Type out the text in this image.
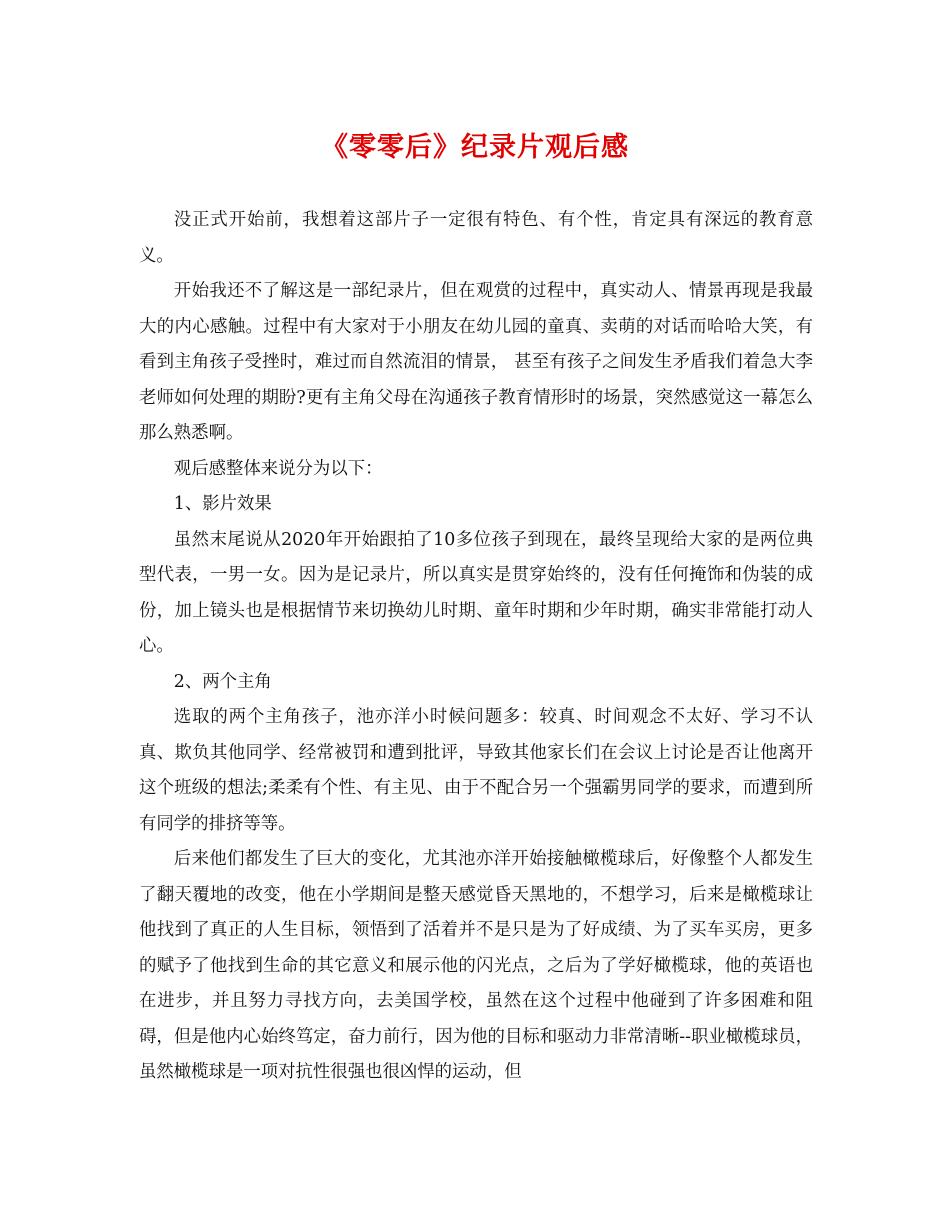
《零零后》纪录片观后感

没正式开始前，我想着这部片子一定很有特色、有个性，肯定具有深远的教育意义。

开始我还不了解这是一部纪录片，但在观赏的过程中，真实动人、情景再现是我最大的内心感触。过程中有大家对于小朋友在幼儿园的童真、卖萌的对话而哈哈大笑，有看到主角孩子受挫时，难过而自然流泪的情景， 甚至有孩子之间发生矛盾我们着急大李老师如何处理的期盼?更有主角父母在沟通孩子教育情形时的场景，突然感觉这一幕怎么那么熟悉啊。

观后感整体来说分为以下：

1、影片效果

虽然末尾说从2020年开始跟拍了10多位孩子到现在，最终呈现给大家的是两位典型代表，一男一女。因为是记录片，所以真实是贯穿始终的，没有任何掩饰和伪装的成份，加上镜头也是根据情节来切换幼儿时期、童年时期和少年时期，确实非常能打动人心。

2、两个主角

选取的两个主角孩子，池亦洋小时候问题多：较真、时间观念不太好、学习不认真、欺负其他同学、经常被罚和遭到批评，导致其他家长们在会议上讨论是否让他离开这个班级的想法;柔柔有个性、有主见、由于不配合另一个强霸男同学的要求，而遭到所有同学的排挤等等。

后来他们都发生了巨大的变化，尤其池亦洋开始接触橄榄球后，好像整个人都发生了翻天覆地的改变，他在小学期间是整天感觉昏天黑地的，不想学习，后来是橄榄球让他找到了真正的人生目标，领悟到了活着并不是只是为了好成绩、为了买车买房，更多的赋予了他找到生命的其它意义和展示他的闪光点，之后为了学好橄榄球，他的英语也在进步，并且努力寻找方向，去美国学校，虽然在这个过程中他碰到了许多困难和阻碍，但是他内心始终笃定，奋力前行，因为他的目标和驱动力非常清晰--职业橄榄球员，虽然橄榄球是一项对抗性很强也很凶悍的运动，但
